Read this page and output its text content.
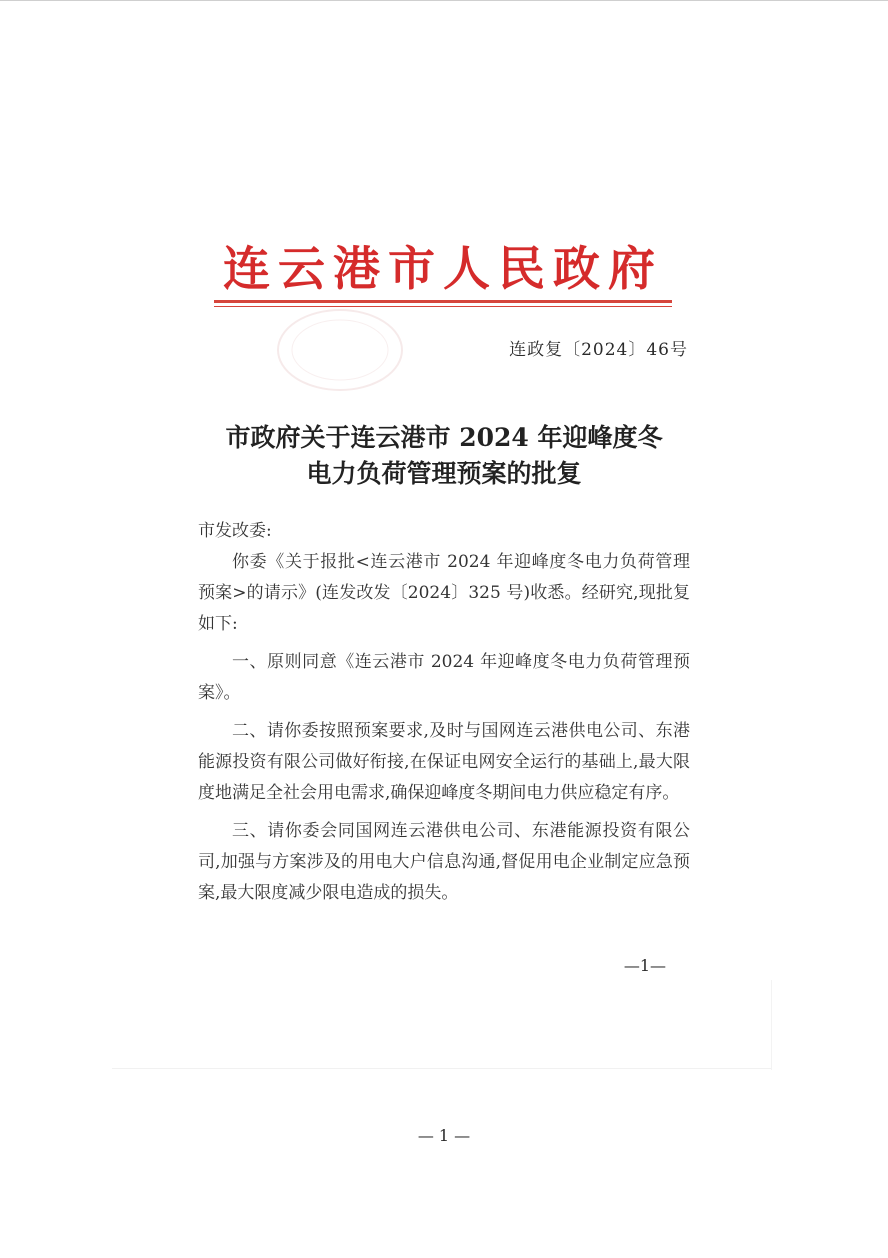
连云港市人民政府
连政复〔2024〕46号
市政府关于连云港市 2024 年迎峰度冬
电力负荷管理预案的批复

市发改委:

你委《关于报批<连云港市 2024 年迎峰度冬电力负荷管理预案>的请示》(连发改发〔2024〕325 号)收悉。经研究,现批复如下:

一、原则同意《连云港市 2024 年迎峰度冬电力负荷管理预案》。

二、请你委按照预案要求,及时与国网连云港供电公司、东港能源投资有限公司做好衔接,在保证电网安全运行的基础上,最大限度地满足全社会用电需求,确保迎峰度冬期间电力供应稳定有序。

三、请你委会同国网连云港供电公司、东港能源投资有限公司,加强与方案涉及的用电大户信息沟通,督促用电企业制定应急预案,最大限度减少限电造成的损失。

—1—
— 1 —
